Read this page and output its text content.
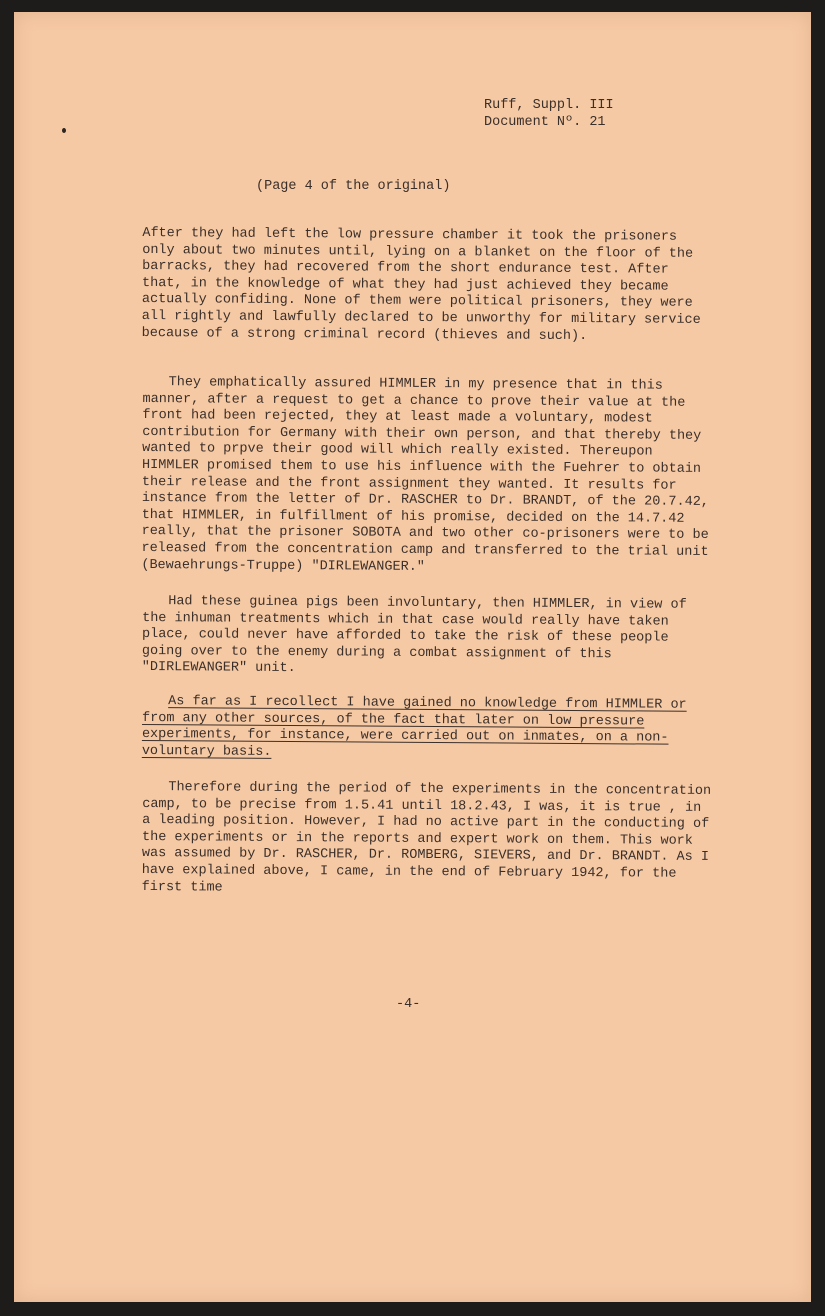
Ruff, Suppl. III
Document Nº. 21
(Page 4 of the original)

After they had left the low pressure chamber it took the prisoners only about two minutes until, lying on a blanket on the floor of the barracks, they had recovered from the short endurance test. After that, in the knowledge of what they had just achieved they became actually confiding. None of them were political prisoners, they were all rightly and lawfully declared to be unworthy for military service because of a strong criminal record (thieves and such).

They emphatically assured HIMMLER in my presence that in this manner, after a request to get a chance to prove their value at the front had been rejected, they at least made a voluntary, modest contribution for Germany with their own person, and that thereby they wanted to prpve their good will which really existed. Thereupon HIMMLER promised them to use his influence with the Fuehrer to obtain their release and the front assignment they wanted. It results for instance from the letter of Dr. RASCHER to Dr. BRANDT, of the 20.7.42, that HIMMLER, in fulfillment of his promise, decided on the 14.7.42 really, that the prisoner SOBOTA and two other co-prisoners were to be released from the concentration camp and transferred to the trial unit (Bewaehrungs-Truppe) "DIRLEWANGER."

Had these guinea pigs been involuntary, then HIMMLER, in view of the inhuman treatments which in that case would really have taken place, could never have afforded to take the risk of these people going over to the enemy during a combat assignment of this "DIRLEWANGER" unit.

As far as I recollect I have gained no knowledge from HIMMLER or from any other sources, of the fact that later on low pressure experiments, for instance, were carried out on inmates, on a non-voluntary basis.

Therefore during the period of the experiments in the concentration camp, to be precise from 1.5.41 until 18.2.43, I was, it is true , in a leading position. However, I had no active part in the conducting of the experiments or in the reports and expert work on them. This work was assumed by Dr. RASCHER, Dr. ROMBERG, SIEVERS, and Dr. BRANDT. As I have explained above, I came, in the end of February 1942, for the first time

-4-
